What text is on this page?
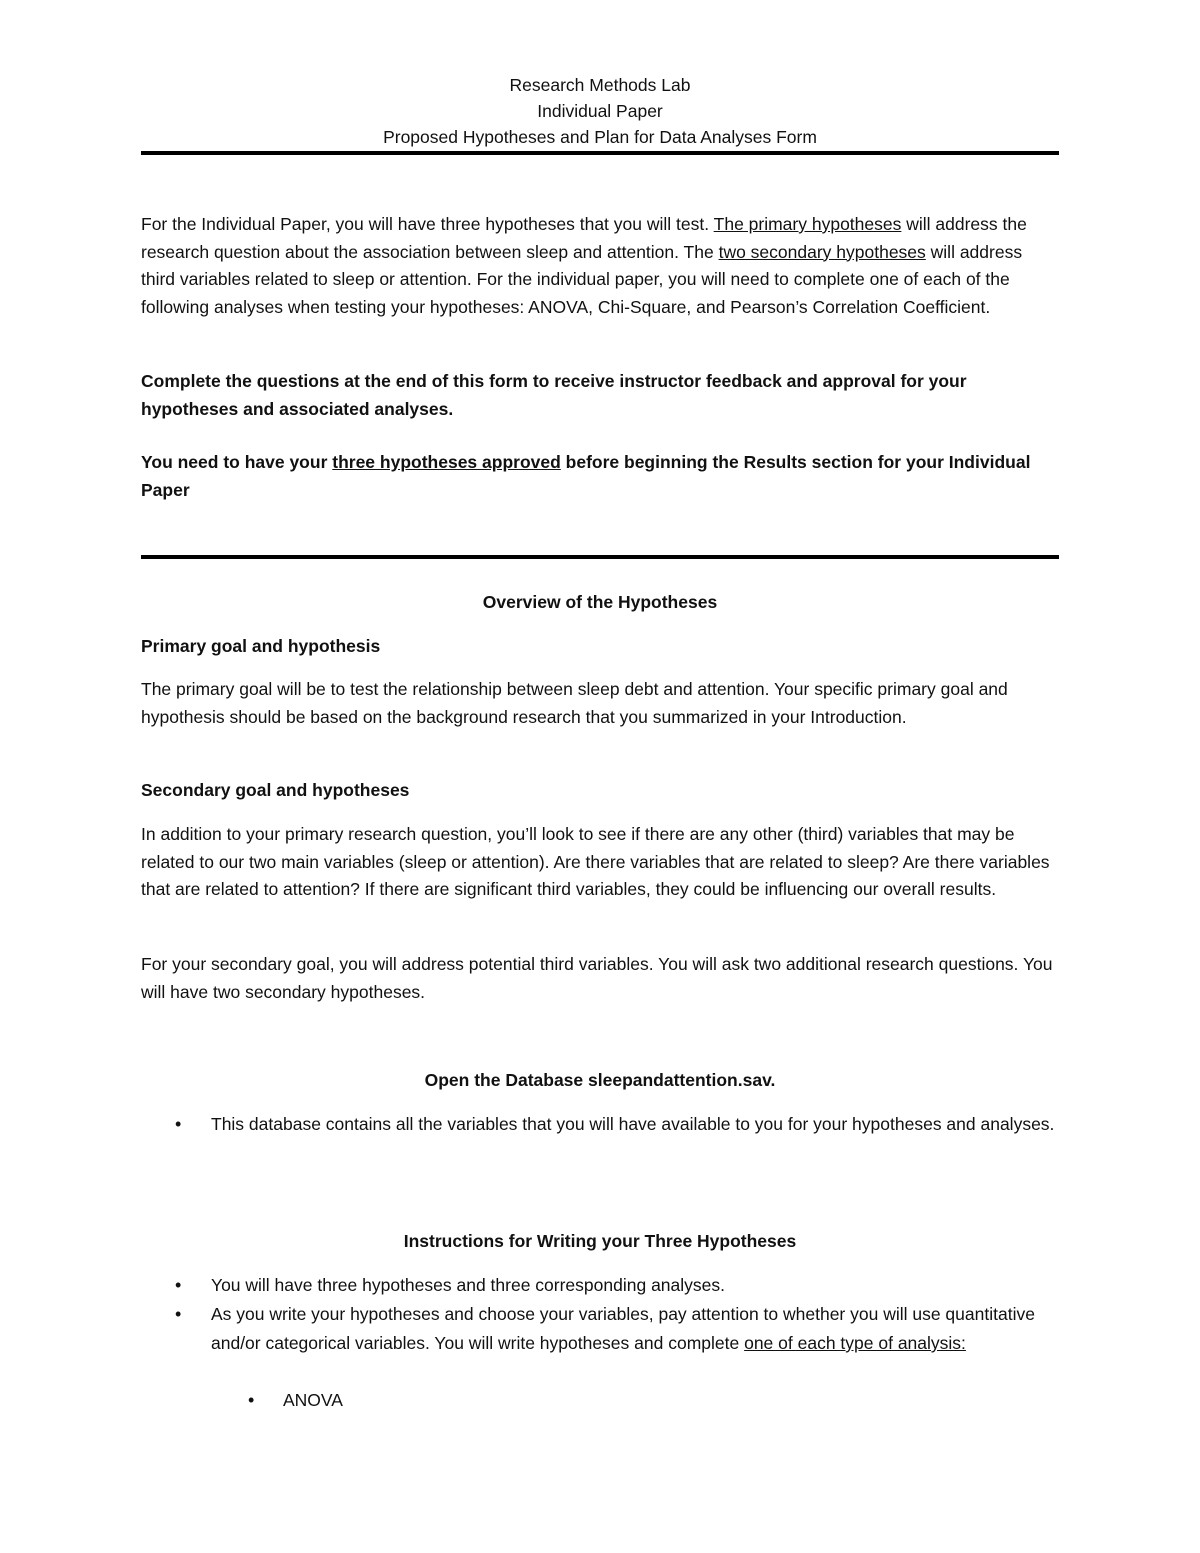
Research Methods Lab
Individual Paper
Proposed Hypotheses and Plan for Data Analyses Form

For the Individual Paper, you will have three hypotheses that you will test. The primary hypotheses will address the research question about the association between sleep and attention. The two secondary hypotheses will address third variables related to sleep or attention. For the individual paper, you will need to complete one of each of the following analyses when testing your hypotheses: ANOVA, Chi-Square, and Pearson’s Correlation Coefficient.

Complete the questions at the end of this form to receive instructor feedback and approval for your hypotheses and associated analyses.

You need to have your three hypotheses approved before beginning the Results section for your Individual Paper

Overview of the Hypotheses

Primary goal and hypothesis

The primary goal will be to test the relationship between sleep debt and attention. Your specific primary goal and hypothesis should be based on the background research that you summarized in your Introduction.

Secondary goal and hypotheses

In addition to your primary research question, you’ll look to see if there are any other (third) variables that may be related to our two main variables (sleep or attention). Are there variables that are related to sleep? Are there variables that are related to attention? If there are significant third variables, they could be influencing our overall results.

For your secondary goal, you will address potential third variables. You will ask two additional research questions. You will have two secondary hypotheses.

Open the Database sleepandattention.sav.

• This database contains all the variables that you will have available to you for your hypotheses and analyses.

Instructions for Writing your Three Hypotheses

• You will have three hypotheses and three corresponding analyses.
• As you write your hypotheses and choose your variables, pay attention to whether you will use quantitative and/or categorical variables. You will write hypotheses and complete one of each type of analysis:
• ANOVA
